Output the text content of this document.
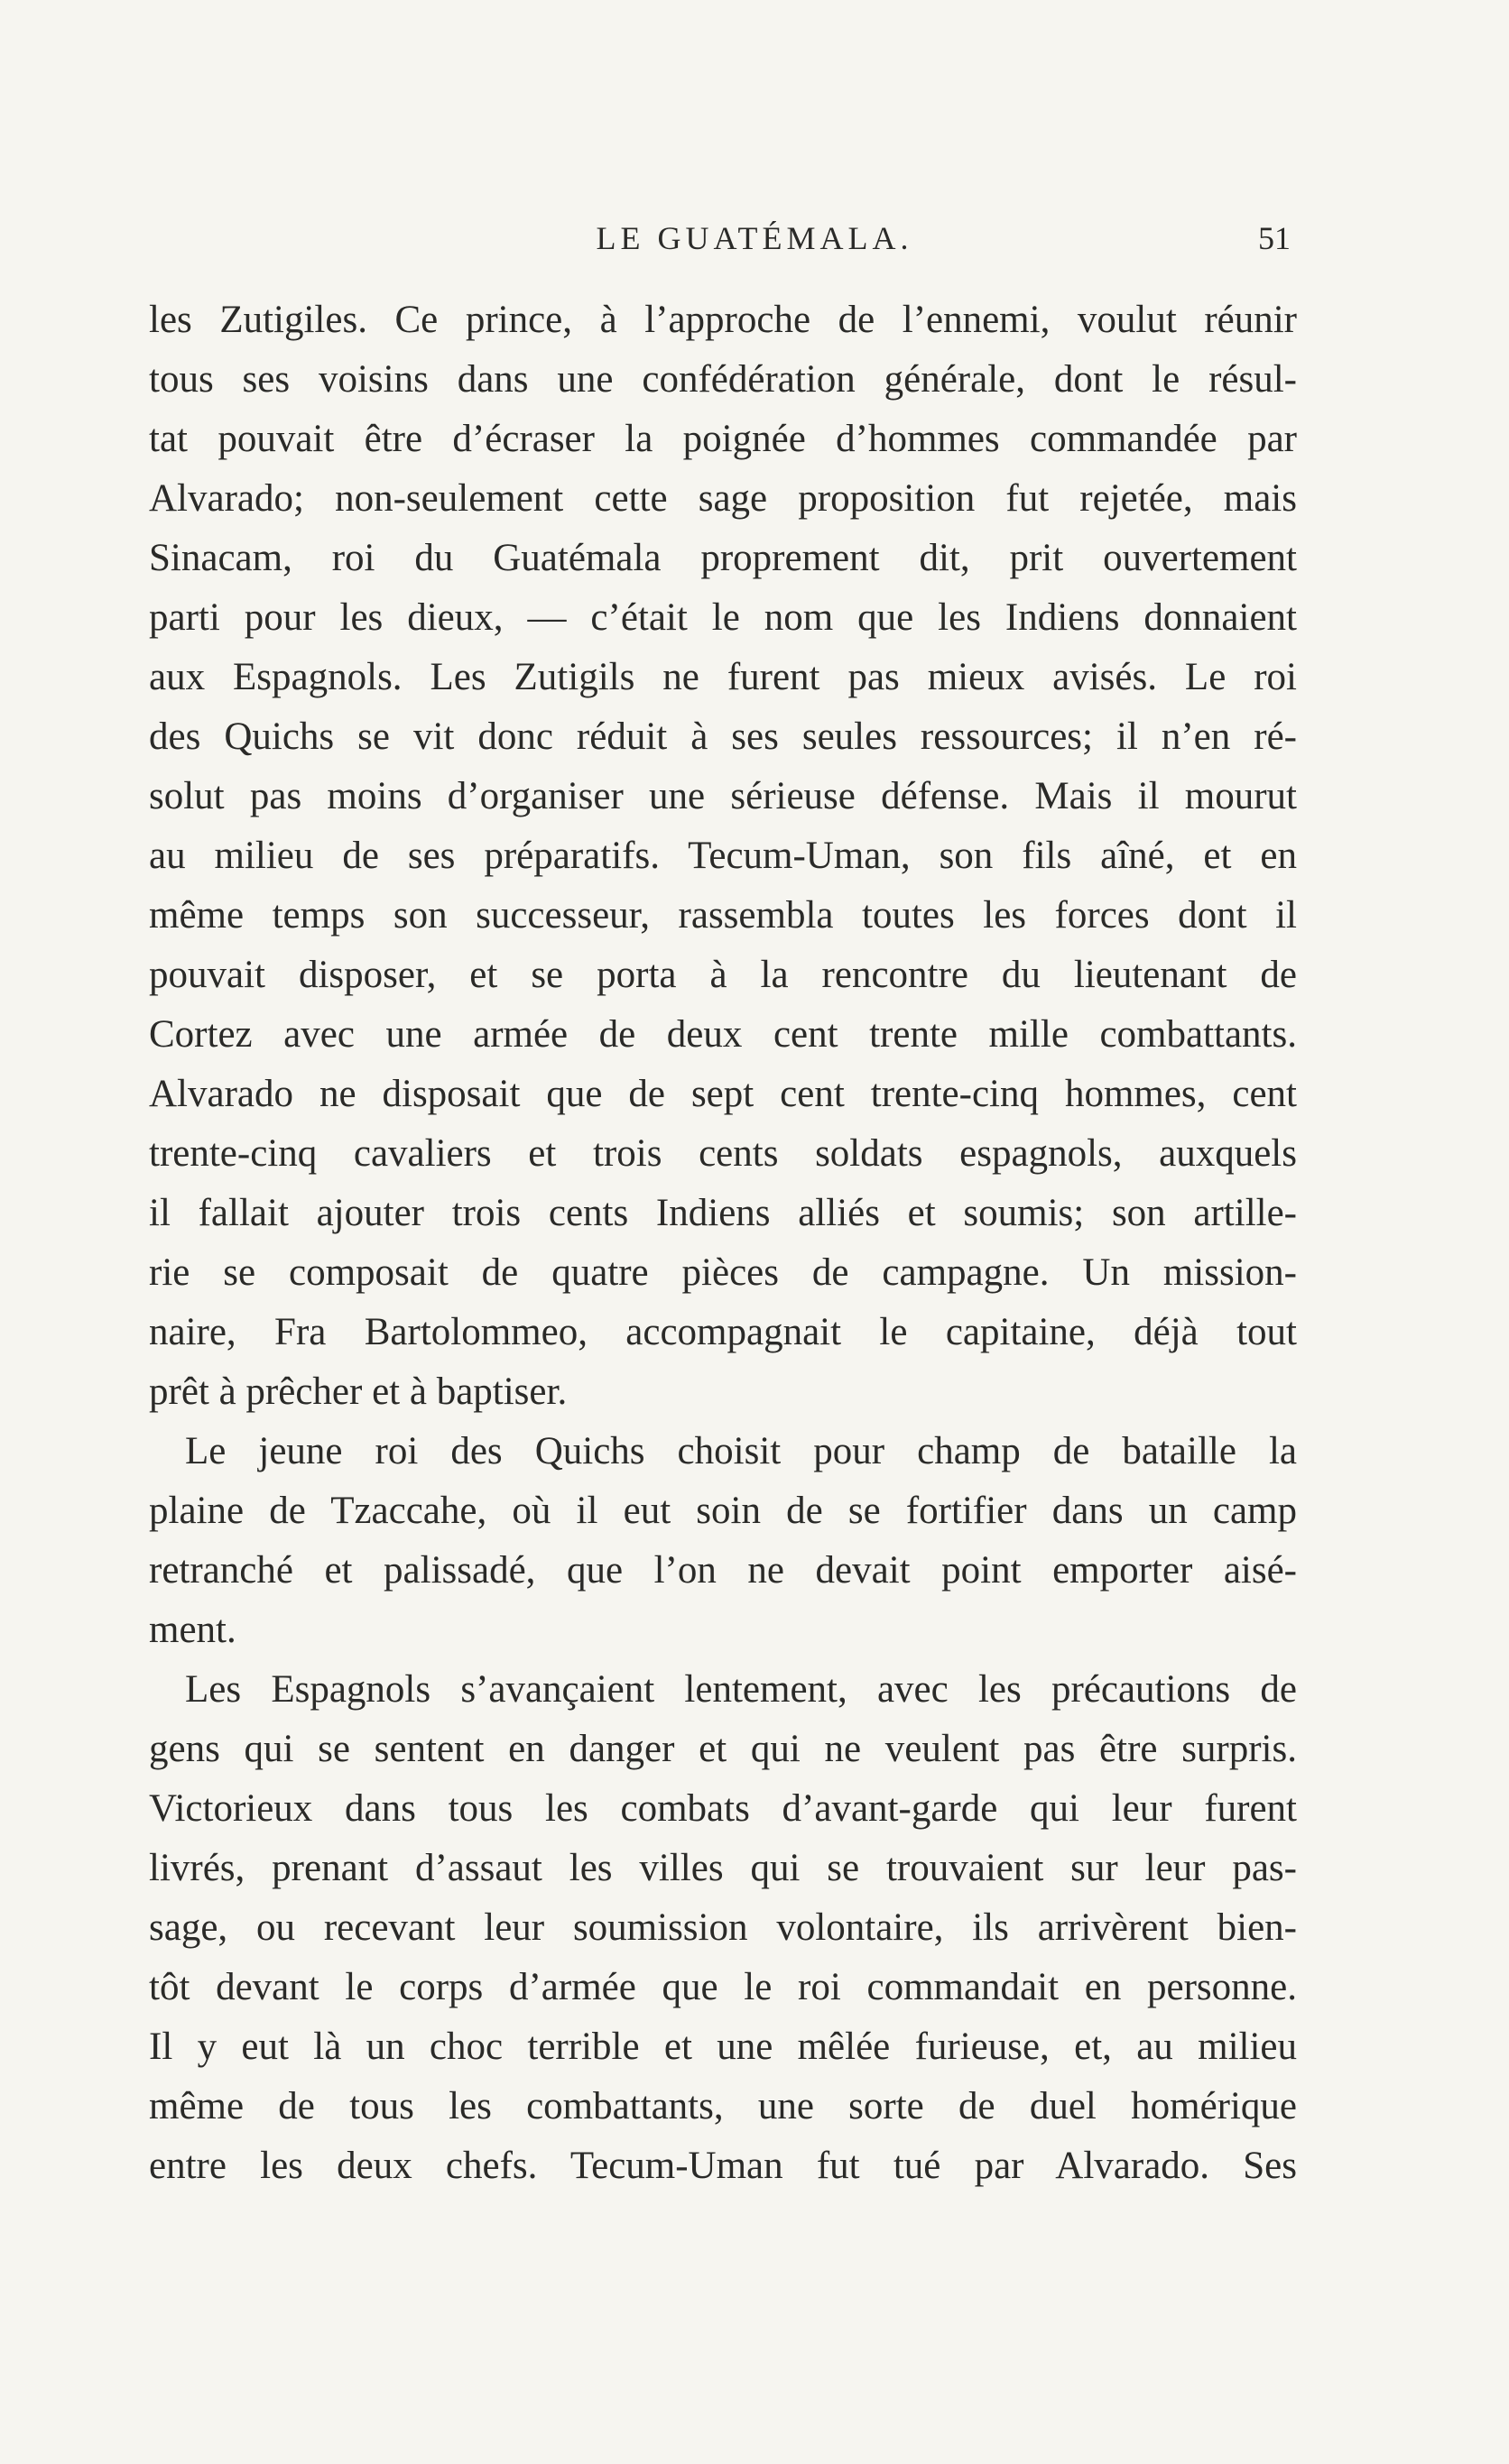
LE GUATÉMALA.	51
les Zutigiles. Ce prince, à l’approche de l’ennemi, voulut réunir
tous ses voisins dans une confédération générale, dont le résul-
tat pouvait être d’écraser la poignée d’hommes commandée par
Alvarado; non-seulement cette sage proposition fut rejetée, mais
Sinacam, roi du Guatémala proprement dit, prit ouvertement
parti pour les dieux, — c’était le nom que les Indiens donnaient
aux Espagnols. Les Zutigils ne furent pas mieux avisés. Le roi
des Quichs se vit donc réduit à ses seules ressources; il n’en ré-
solut pas moins d’organiser une sérieuse défense. Mais il mourut
au milieu de ses préparatifs. Tecum-Uman, son fils aîné, et en
même temps son successeur, rassembla toutes les forces dont il
pouvait disposer, et se porta à la rencontre du lieutenant de
Cortez avec une armée de deux cent trente mille combattants.
Alvarado ne disposait que de sept cent trente-cinq hommes, cent
trente-cinq cavaliers et trois cents soldats espagnols, auxquels
il fallait ajouter trois cents Indiens alliés et soumis; son artille-
rie se composait de quatre pièces de campagne. Un mission-
naire, Fra Bartolommeo, accompagnait le capitaine, déjà tout
prêt à prêcher et à baptiser.
Le jeune roi des Quichs choisit pour champ de bataille la
plaine de Tzaccahe, où il eut soin de se fortifier dans un camp
retranché et palissadé, que l’on ne devait point emporter aisé-
ment.
Les Espagnols s’avançaient lentement, avec les précautions de
gens qui se sentent en danger et qui ne veulent pas être surpris.
Victorieux dans tous les combats d’avant-garde qui leur furent
livrés, prenant d’assaut les villes qui se trouvaient sur leur pas-
sage, ou recevant leur soumission volontaire, ils arrivèrent bien-
tôt devant le corps d’armée que le roi commandait en personne.
Il y eut là un choc terrible et une mêlée furieuse, et, au milieu
même de tous les combattants, une sorte de duel homérique
entre les deux chefs. Tecum-Uman fut tué par Alvarado. Ses
